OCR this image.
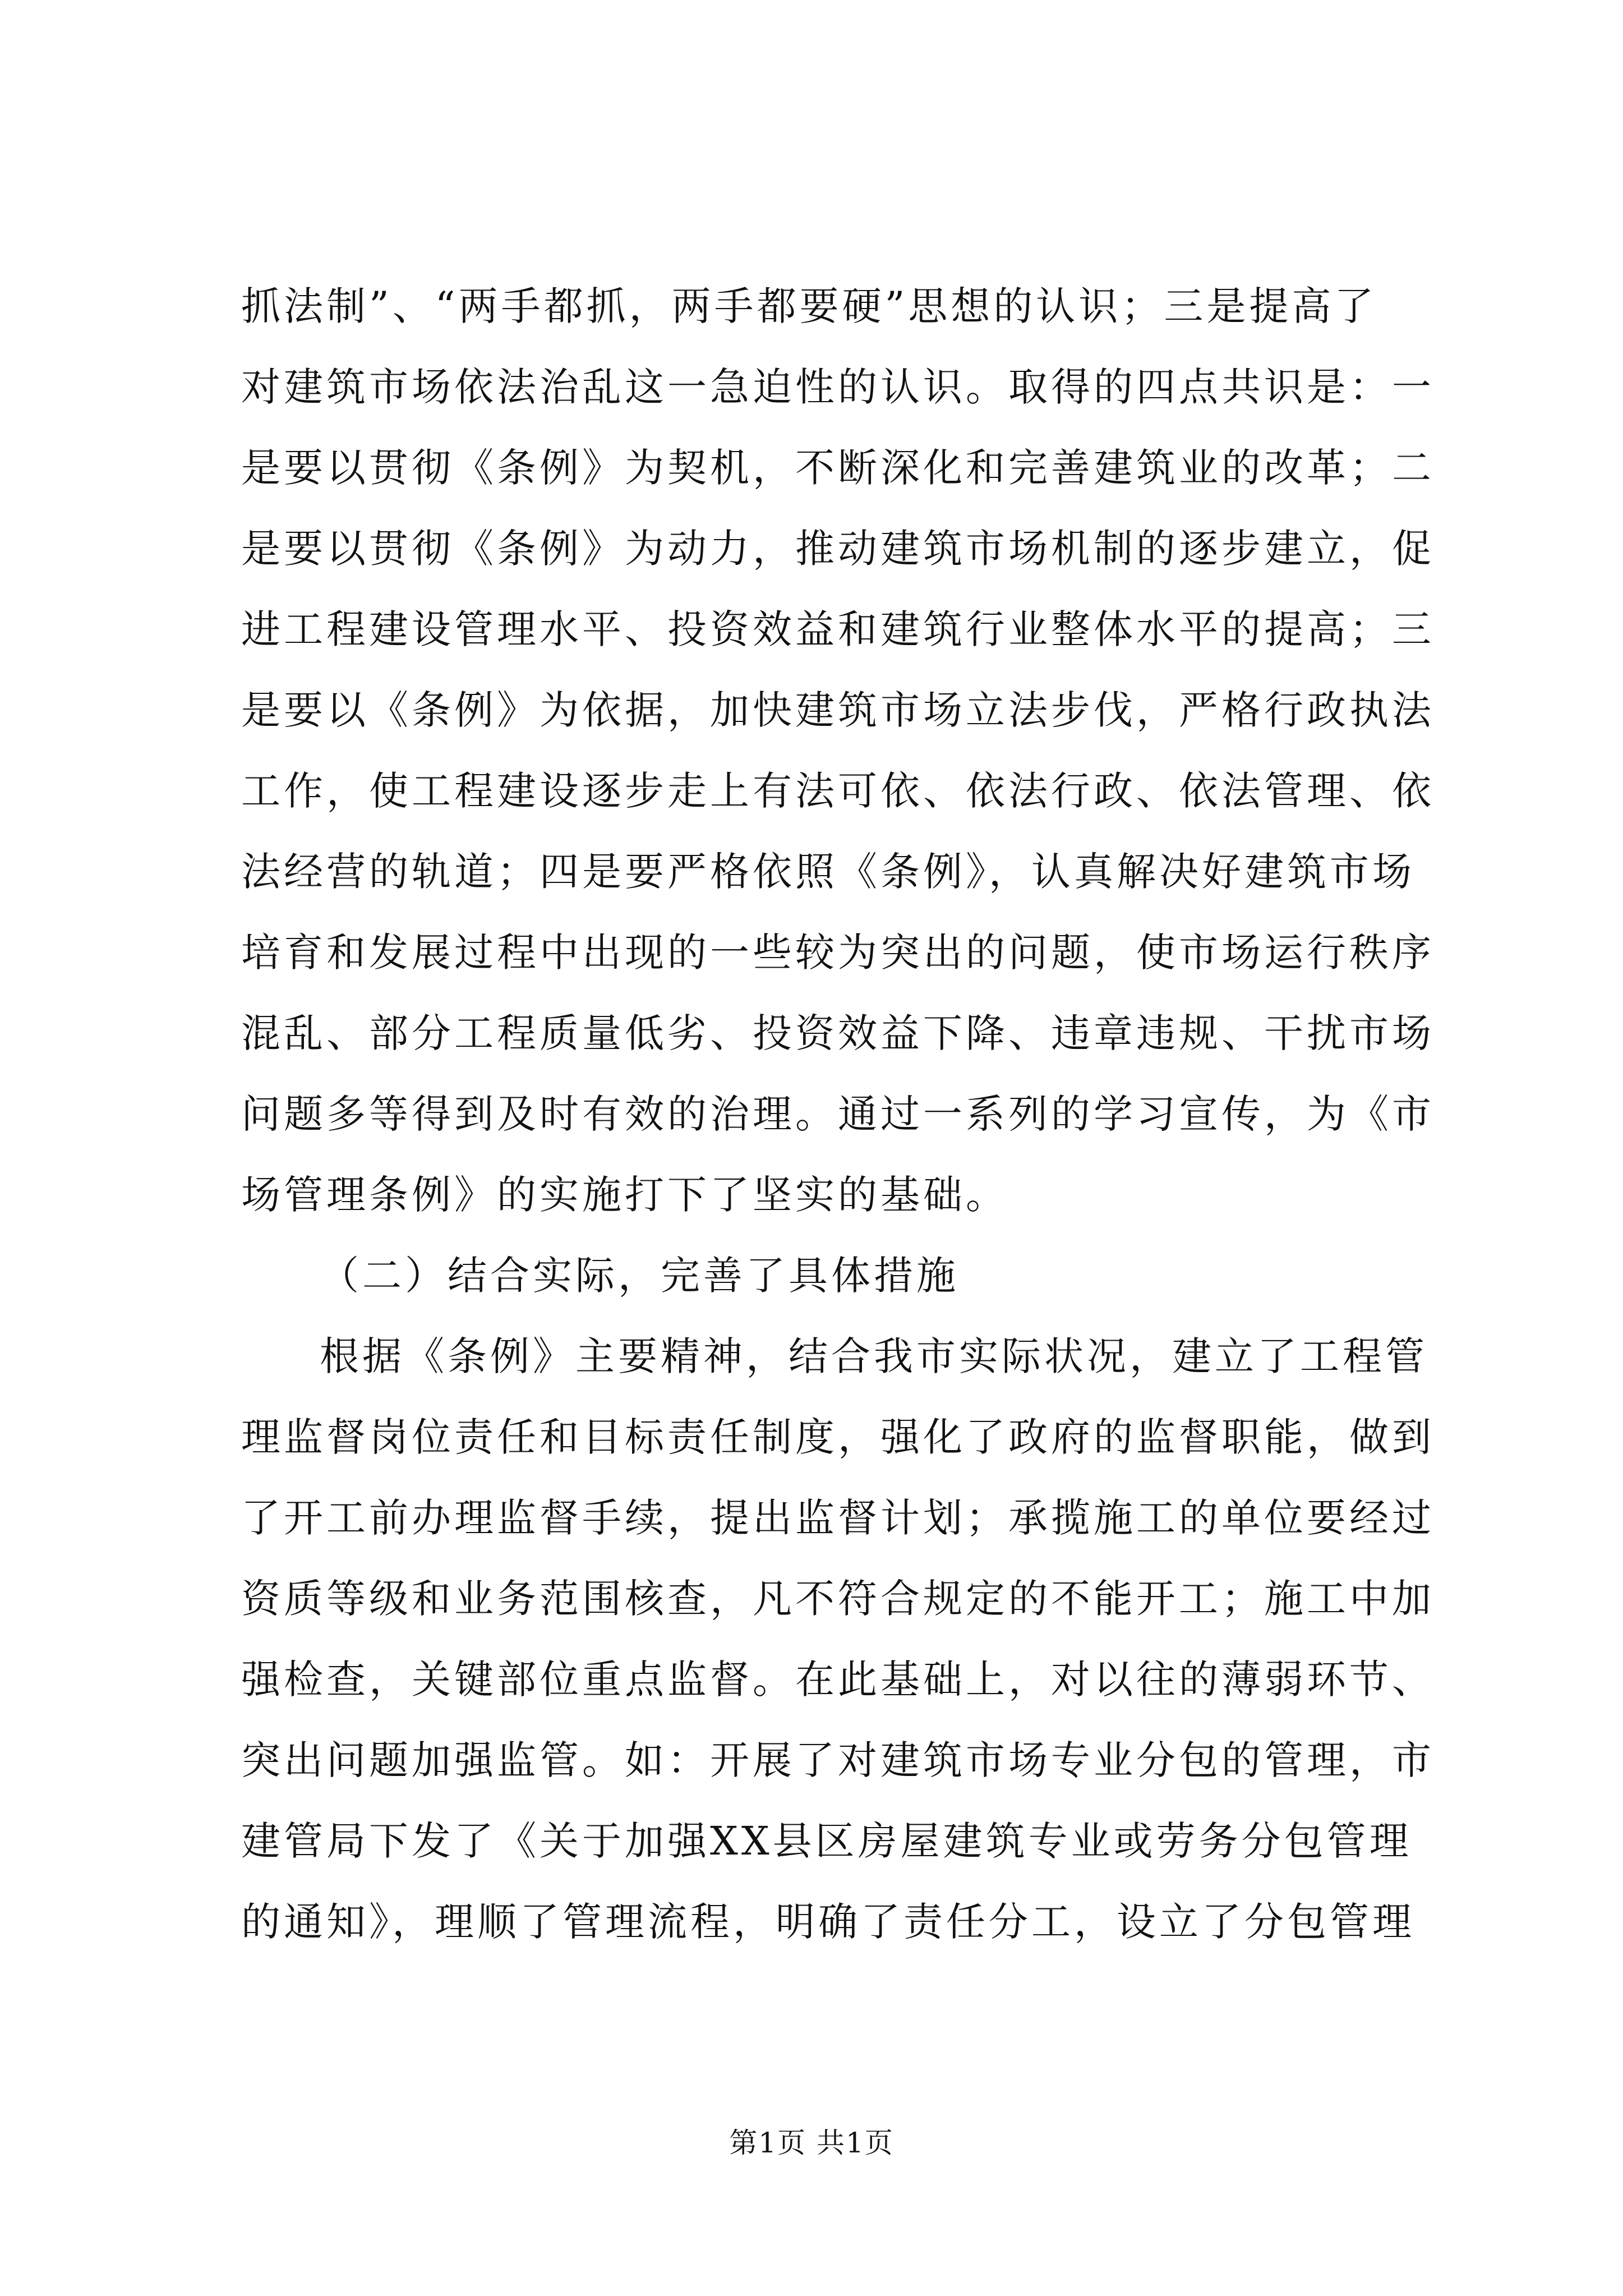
抓法制”、“两手都抓，两手都要硬”思想的认识；三是提高了
对建筑市场依法治乱这一急迫性的认识。取得的四点共识是：一
是要以贯彻《条例》为契机，不断深化和完善建筑业的改革；二
是要以贯彻《条例》为动力，推动建筑市场机制的逐步建立，促
进工程建设管理水平、投资效益和建筑行业整体水平的提高；三
是要以《条例》为依据，加快建筑市场立法步伐，严格行政执法
工作，使工程建设逐步走上有法可依、依法行政、依法管理、依
法经营的轨道；四是要严格依照《条例》，认真解决好建筑市场
培育和发展过程中出现的一些较为突出的问题，使市场运行秩序
混乱、部分工程质量低劣、投资效益下降、违章违规、干扰市场
问题多等得到及时有效的治理。通过一系列的学习宣传，为《市
场管理条例》的实施打下了坚实的基础。
（二）结合实际，完善了具体措施
根据《条例》主要精神，结合我市实际状况，建立了工程管
理监督岗位责任和目标责任制度，强化了政府的监督职能，做到
了开工前办理监督手续，提出监督计划；承揽施工的单位要经过
资质等级和业务范围核查，凡不符合规定的不能开工；施工中加
强检查，关键部位重点监督。在此基础上，对以往的薄弱环节、
突出问题加强监管。如：开展了对建筑市场专业分包的管理，市
建管局下发了《关于加强XX县区房屋建筑专业或劳务分包管理
的通知》，理顺了管理流程，明确了责任分工，设立了分包管理
第1页 共1页
